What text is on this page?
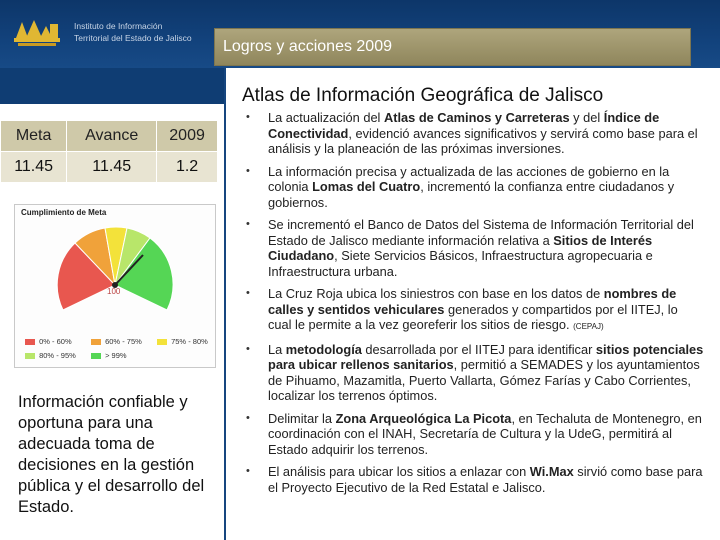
Instituto de Información
Territorial del Estado de Jalisco Logros y acciones 2009
Atlas de Información Geográfica de Jalisco
Meta	Avance	2009
11.45	11.45	1.2
Cumplimiento de Meta
100
0% - 60%	60% - 75%	75% - 80%
80% - 95%	> 99%
Información confiable y oportuna para una adecuada toma de decisiones en la gestión pública y el desarrollo del Estado.
• La actualización del Atlas de Caminos y Carreteras y del Índice de Conectividad, evidenció avances significativos y servirá como base para el análisis y la planeación de las próximas inversiones.
• La información precisa y actualizada de las acciones de gobierno en la colonia Lomas del Cuatro, incrementó la confianza entre ciudadanos y gobiernos.
• Se incrementó el Banco de Datos del Sistema de Información Territorial del Estado de Jalisco mediante información relativa a Sitios de Interés Ciudadano, Siete Servicios Básicos, Infraestructura agropecuaria e Infraestructura urbana.
• La Cruz Roja ubica los siniestros con base en los datos de nombres de calles y sentidos vehiculares generados y compartidos por el IITEJ, lo cual le permite a la vez georeferir los sitios de riesgo. (CEPAJ)
• La metodología desarrollada por el IITEJ para identificar sitios potenciales para ubicar rellenos sanitarios, permitió a SEMADES y los ayuntamientos de Pihuamo, Mazamitla, Puerto Vallarta, Gómez Farías y Cabo Corrientes, localizar los terrenos óptimos.
• Delimitar la Zona Arqueológica La Picota, en Techaluta de Montenegro, en coordinación con el INAH, Secretaría de Cultura y la UdeG, permitirá al Estado adquirir los terrenos.
• El análisis para ubicar los sitios a enlazar con Wi.Max sirvió como base para el Proyecto Ejecutivo de la Red Estatal e Jalisco.
